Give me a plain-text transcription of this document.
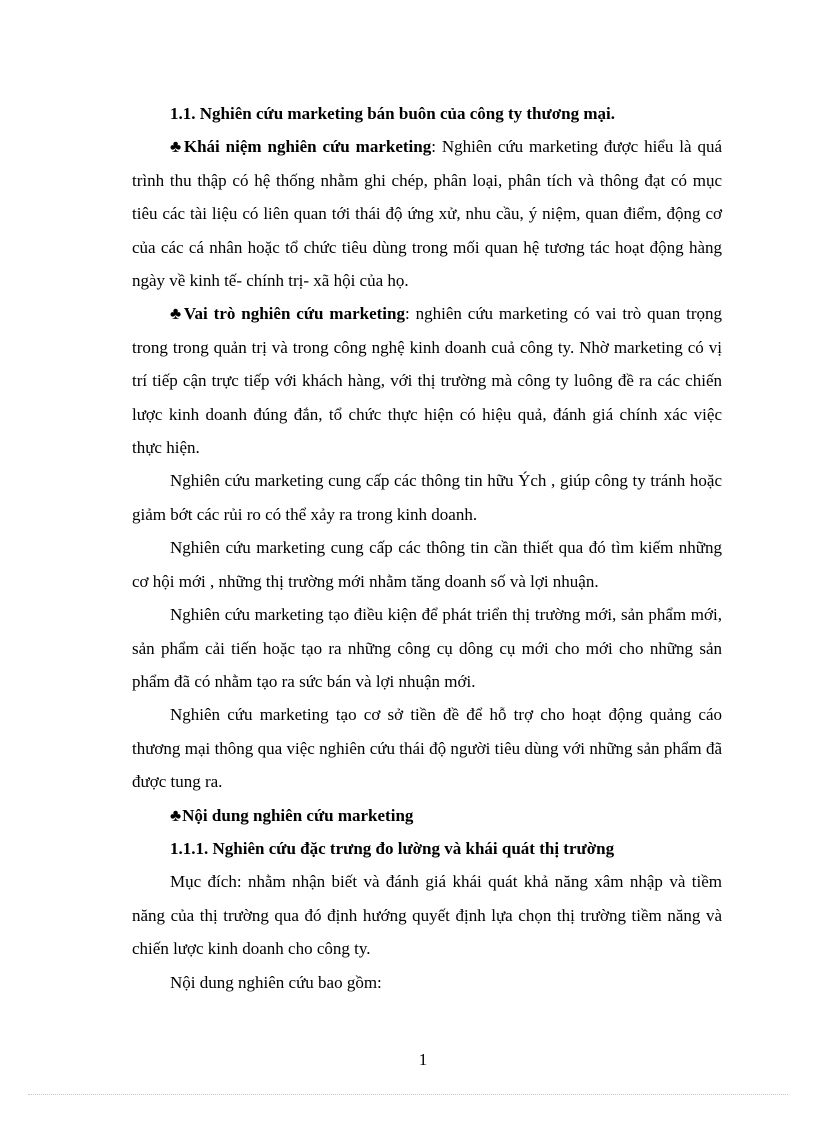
1.1. Nghiên cứu marketing bán buôn của công ty thương mại.

♣Khái niệm nghiên cứu marketing: Nghiên cứu marketing được hiểu là quá trình thu thập có hệ thống nhằm ghi chép, phân loại, phân tích và thông đạt có mục tiêu các tài liệu có liên quan tới thái độ ứng xử, nhu cầu, ý niệm, quan điểm, động cơ của các cá nhân hoặc tổ chức tiêu dùng trong mối quan hệ tương tác hoạt động hàng ngày về kinh tế- chính trị- xã hội của họ.

♣Vai trò nghiên cứu marketing: nghiên cứu marketing có vai trò quan trọng trong trong quản trị và trong công nghệ kinh doanh cuả công ty. Nhờ marketing có vị trí tiếp cận trực tiếp với khách hàng, với thị trường mà công ty luông đề ra các chiến lược kinh doanh đúng đắn, tổ chức thực hiện có hiệu quả, đánh giá chính xác việc thực hiện.

Nghiên cứu marketing cung cấp các thông tin hữu Ých , giúp công ty tránh hoặc giảm bớt các rủi ro có thể xảy ra trong kinh doanh.

Nghiên cứu marketing cung cấp các thông tin cần thiết qua đó tìm kiếm những cơ hội mới , những thị trường mới nhằm tăng doanh số và lợi nhuận.

Nghiên cứu marketing tạo điều kiện để phát triển thị trường mới, sản phẩm mới, sản phẩm cải tiến hoặc tạo ra những công cụ dông cụ mới cho mới cho những sản phẩm đã có nhằm tạo ra sức bán và lợi nhuận mới.

Nghiên cứu marketing tạo cơ sở tiền đề để hỗ trợ cho hoạt động quảng cáo thương mại thông qua việc nghiên cứu thái độ người tiêu dùng với những sản phẩm đã được tung ra.

♣Nội dung nghiên cứu marketing

1.1.1. Nghiên cứu đặc trưng đo lường và khái quát thị trường

Mục đích: nhằm nhận biết và đánh giá khái quát khả năng xâm nhập và tiềm năng của thị trường qua đó định hướng quyết định lựa chọn thị trường tiềm năng và chiến lược kinh doanh cho công ty.

Nội dung nghiên cứu bao gồm:

1
